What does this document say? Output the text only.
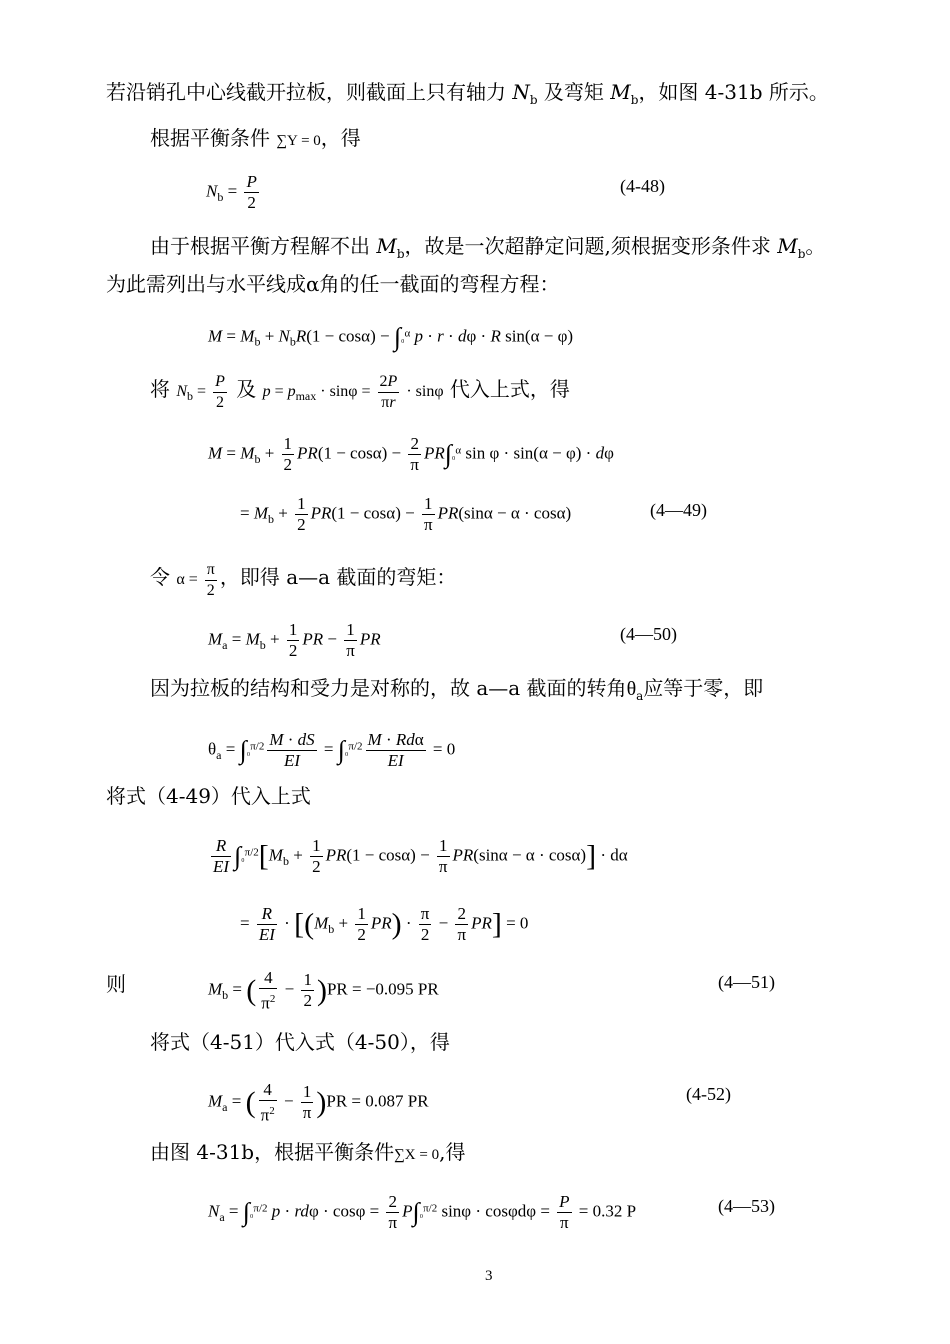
若沿销孔中心线截开拉板，则截面上只有轴力 $N_b$ 及弯矩 $M_b$，如图 4-31b 所示。
根据平衡条件 ∑Y = 0，得
$N_b = \frac{P}{2}$	(4-48)
由于根据平衡方程解不出 $M_b$，故是一次超静定问题,须根据变形条件求 $M_b$。
为此需列出与水平线成α角的任一截面的弯程方程：
$M = M_b + N_bR(1 - \cos\alpha) - \int_0^\alpha$ p · r · dφ · R sin(α − φ)
将 $N_b = \frac{P}{2}$ 及 $p = p_{max} \cdot \sin\varphi = \frac{2P}{\pi r} \cdot \sin\varphi$ 代入上式，得
$M = M_b + \frac{1}{2} PR(1 - \cos\alpha) - \frac{2}{\pi} PR\int_0^\alpha$ sin φ · sin(α − φ) · dφ
= $M_b + \frac{1}{2} PR(1 - \cos\alpha) - \frac{1}{\pi} PR(\sin\alpha - \alpha \cdot \cos\alpha)$	(4—49)
令 $\alpha = \frac{\pi}{2}$ ，即得 a—a 截面的弯矩：
$M_a = M_b + \frac{1}{2}$ PR − $\frac{1}{\pi}$ PR	(4—50)
因为拉板的结构和受力是对称的，故 a—a 截面的转角$\theta_a$应等于零，即
$\theta_a = \int_0^{\pi/2} \frac{M \cdot dS}{EI} = \int_0^{\pi/2} \frac{\text{M · Rdα}}{EI} = 0$
将式（4-49）代入上式
$\frac{R}{EI} \int_0^{\pi/2}[M_b + \frac{1}{2} PR(1 - \cos\alpha) - \frac{1}{\pi} PR(\sin\alpha - \alpha \cdot \cos\alpha)] \cdot d\alpha$
= $\frac{R}{EI} \cdot [(M_b + \frac{1}{2} PR) \cdot \frac{\pi}{2} - \frac{2}{\pi} PR] = 0$
则	$M_b$ = ( $\frac{4}{\pi^2} - \frac{1}{2} )PR = -0.095$ PR	(4—51)
将式（4-51）代入式（4-50），得
$M_a$ = ( $\frac{4}{\pi^2} - \frac{1}{\pi} )PR = 0.087$ PR	(4-52)
由图 4-31b，根据平衡条件∑X = 0,得
$N_a = \int_0^{\pi/2}$ $p \cdot rd\varphi \cdot \cos\varphi = \frac{2}{\pi} P\int_0^{\pi/2}$ $\sin\varphi \cdot \cos\varphi d\varphi = \frac{P}{\pi} = 0.32$ P	(4—53)
3
